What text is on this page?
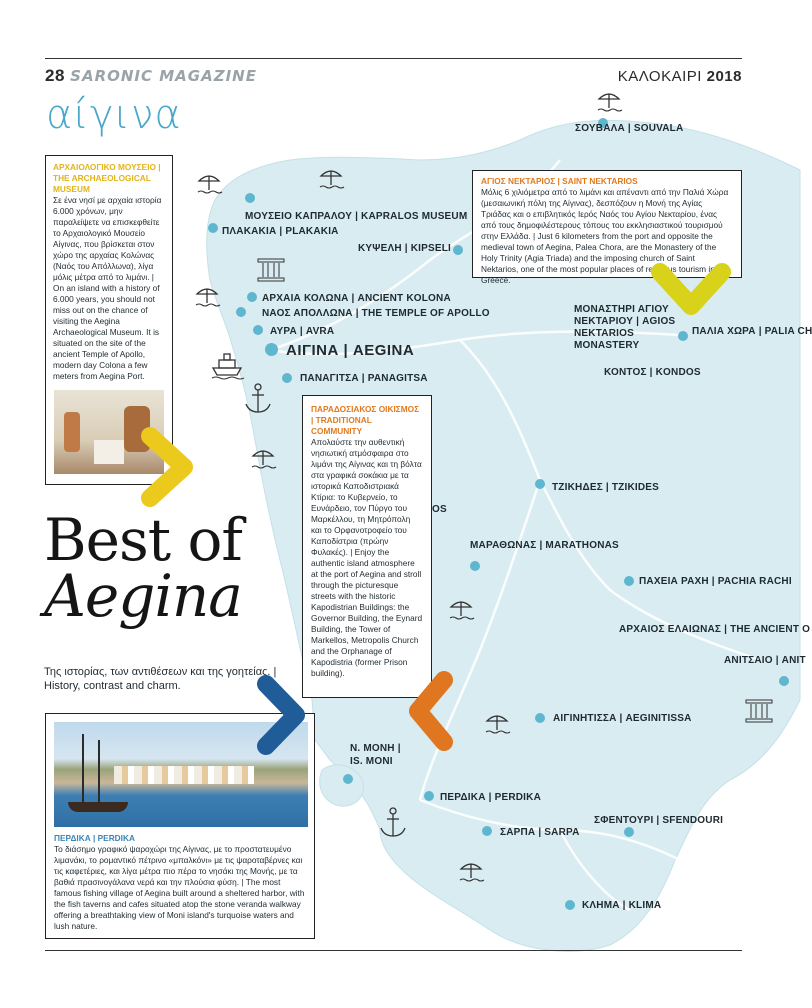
ΣΟΥΒΑΛΑ | SOUVALA
ΜΟΥΣΕΙΟ ΚΑΠΡΑΛΟΥ | KAPRALOS MUSEUM
ΠΛΑΚΑΚΙΑ | PLAKAKIA
ΚΥΨΕΛΗ | KIPSELI
ΑΡΧΑΙΑ ΚΟΛΩΝΑ | ANCIENT KOLONA
ΝΑΟΣ ΑΠΟΛΛΩΝΑ | THE TEMPLE OF APOLLO
ΑΥΡΑ | AVRA
ΑΙΓΙΝΑ | AEGINA
ΠΑΝΑΓΙΤΣΑ | PANAGITSA
ΜΟΝΑΣΤΗΡΙ ΑΓΙΟΥ ΝΕΚΤΑΡΙΟΥ | AGIOS NEKTARIOS MONASTERY
ΠΑΛΙΑ ΧΩΡΑ | PALIA CH
ΚΟΝΤΟΣ | KONDOS
ΤΖΙΚΗΔΕΣ | TZIKIDES
ΜΑΡΑΘΩΝΑΣ | MARATHONAS
ΠΑΧΕΙΑ ΡΑΧΗ | PACHIA RACHI
ΑΡΧΑΙΟΣ ΕΛΑΙΩΝΑΣ | THE ANCIENT O
ΑΝΙΤΣΑΙΟ | ANIT
ΑΙΓΙΝΗΤΙΣΣΑ | AEGINITISSA
Ν. ΜΟΝΗ | IS. MONI
ΠΕΡΔΙΚΑ | PERDIKA
ΣΑΡΠΑ | SARPA
ΣΦΕΝΤΟΥΡΙ | SFENDOURI
ΚΛΗΜΑ | KLIMA
OS
28 SARONIC MAGAZINE	ΚΑΛΟΚΑΙΡΙ 2018
αίγινα
ΑΡΧΑΙΟΛΟΓΙΚΟ ΜΟΥΣΕΙΟ | THE ARCHAEOLOGICAL MUSEUM
Σε ένα νησί με αρχαία ιστορία 6.000 χρόνων, μην παραλείψετε να επισκεφθείτε το Αρχαιολογικό Μουσείο Αίγινας, που βρίσκεται στον χώρο της αρχαίας Κολώνας (Ναός του Απόλλωνα), λίγα μόλις μέτρα από το λιμάνι. | On an island with a history of 6.000 years, you should not miss out on the chance of visiting the Aegina Archaeological Museum. It is situated on the site of the ancient Temple of Apollo, modern day Colona a few meters from Aegina Port.
ΑΓΙΟΣ ΝΕΚΤΑΡΙΟΣ | SAINT NEKTARIOS
Μόλις 6 χιλιόμετρα από το λιμάνι και απέναντι από την Παλιά Χώρα (μεσαιωνική πόλη της Αίγινας), δεσπόζουν η Μονή της Αγίας Τριάδας και ο επιβλητικός Ιερός Ναός του Αγίου Νεκταρίου, ένας από τους δημοφιλέστερους τόπους του εκκλησιαστικού τουρισμού στην Ελλάδα. | Just 6 kilometers from the port and opposite the medieval town of Aegina, Palea Chora, are the Monastery of the Holy Trinity (Agia Triada) and the imposing church of Saint Nektarios, one of the most popular places of religious tourism in Greece.
ΠΑΡΑΔΟΣΙΑΚΟΣ ΟΙΚΙΣΜΟΣ | TRADITIONAL COMMUNITY
Απολαύστε την αυθεντική νησιωτική ατμόσφαιρα στο λιμάνι της Αίγινας και τη βόλτα στα γραφικά σοκάκια με τα ιστορικά Καποδιστριακά Κτίρια: το Κυβερνείο, το Ευνάρδειο, τον Πύργο του Μαρκέλλου, τη Μητρόπολη και το Ορφανοτροφείο του Καποδίστρια (πρώην Φυλακές). | Enjoy the authentic island atmosphere at the port of Aegina and stroll through the picturesque streets with the historic Kapodistrian Buildings: the Governor Building, the Eynard Building, the Tower of Markellos, Metropolis Church and the Orphanage of Kapodistria (former Prison building).
Best of
Aegina
Της ιστορίας, των αντιθέσεων και της γοητείας. | History, contrast and charm.
ΠΕΡΔΙΚΑ | PERDIKA
Το διάσημο γραφικό ψαροχώρι της Αίγινας, με το προστατευμένο λιμανάκι, το ρομαντικό πέτρινο «μπαλκόνι» με τις ψαροταβέρνες και τις καφετέριες, και λίγα μέτρα πιο πέρα το νησάκι της Μονής, με τα βαθιά πρασινογάλανα νερά και την πλούσια φύση. | The most famous fishing village of Aegina built around a sheltered harbor, with the fish taverns and cafes situated atop the stone veranda walkway offering a breathtaking view of Moni island's turquoise waters and lush nature.
